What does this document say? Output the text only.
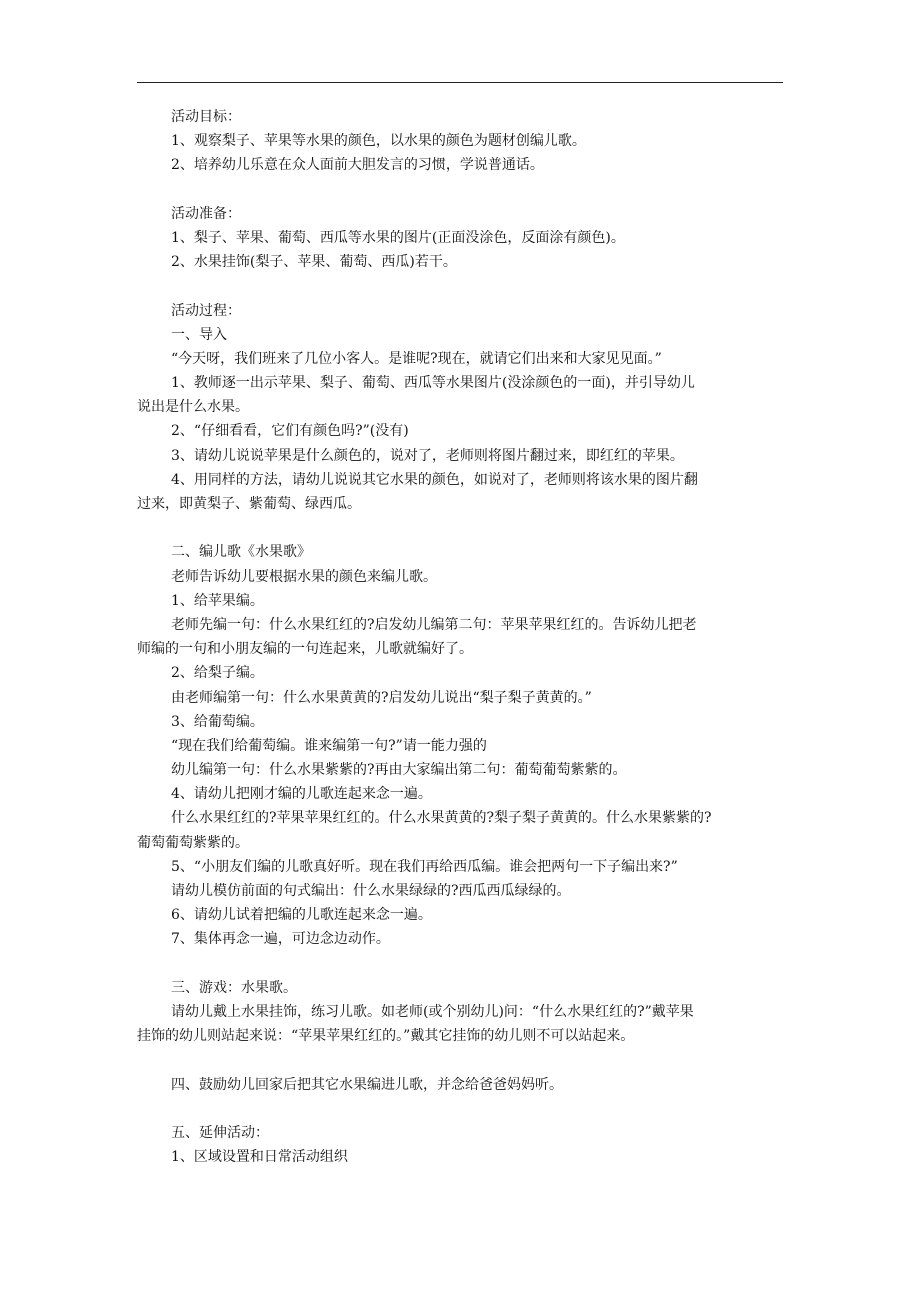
活动目标：
1、观察梨子、苹果等水果的颜色，以水果的颜色为题材创编儿歌。
2、培养幼儿乐意在众人面前大胆发言的习惯，学说普通话。
活动准备：
1、梨子、苹果、葡萄、西瓜等水果的图片(正面没涂色，反面涂有颜色)。
2、水果挂饰(梨子、苹果、葡萄、西瓜)若干。
活动过程：
一、导入
“今天呀，我们班来了几位小客人。是谁呢?现在，就请它们出来和大家见见面。”
1、教师逐一出示苹果、梨子、葡萄、西瓜等水果图片(没涂颜色的一面)，并引导幼儿
说出是什么水果。
2、“仔细看看，它们有颜色吗?”(没有)
3、请幼儿说说苹果是什么颜色的，说对了，老师则将图片翻过来，即红红的苹果。
4、用同样的方法，请幼儿说说其它水果的颜色，如说对了，老师则将该水果的图片翻
过来，即黄梨子、紫葡萄、绿西瓜。
二、编儿歌《水果歌》
老师告诉幼儿要根据水果的颜色来编儿歌。
1、给苹果编。
老师先编一句：什么水果红红的?启发幼儿编第二句：苹果苹果红红的。告诉幼儿把老
师编的一句和小朋友编的一句连起来，儿歌就编好了。
2、给梨子编。
由老师编第一句：什么水果黄黄的?启发幼儿说出“梨子梨子黄黄的。”
3、给葡萄编。
“现在我们给葡萄编。谁来编第一句?”请一能力强的
幼儿编第一句：什么水果紫紫的?再由大家编出第二句：葡萄葡萄紫紫的。
4、请幼儿把刚才编的儿歌连起来念一遍。
什么水果红红的?苹果苹果红红的。什么水果黄黄的?梨子梨子黄黄的。什么水果紫紫的?
葡萄葡萄紫紫的。
5、“小朋友们编的儿歌真好听。现在我们再给西瓜编。谁会把两句一下子编出来?”
请幼儿模仿前面的句式编出：什么水果绿绿的?西瓜西瓜绿绿的。
6、请幼儿试着把编的儿歌连起来念一遍。
7、集体再念一遍，可边念边动作。
三、游戏：水果歌。
请幼儿戴上水果挂饰，练习儿歌。如老师(或个别幼儿)问：“什么水果红红的?”戴苹果
挂饰的幼儿则站起来说：“苹果苹果红红的。”戴其它挂饰的幼儿则不可以站起来。
四、鼓励幼儿回家后把其它水果编进儿歌，并念给爸爸妈妈听。
五、延伸活动：
1、区域设置和日常活动组织
